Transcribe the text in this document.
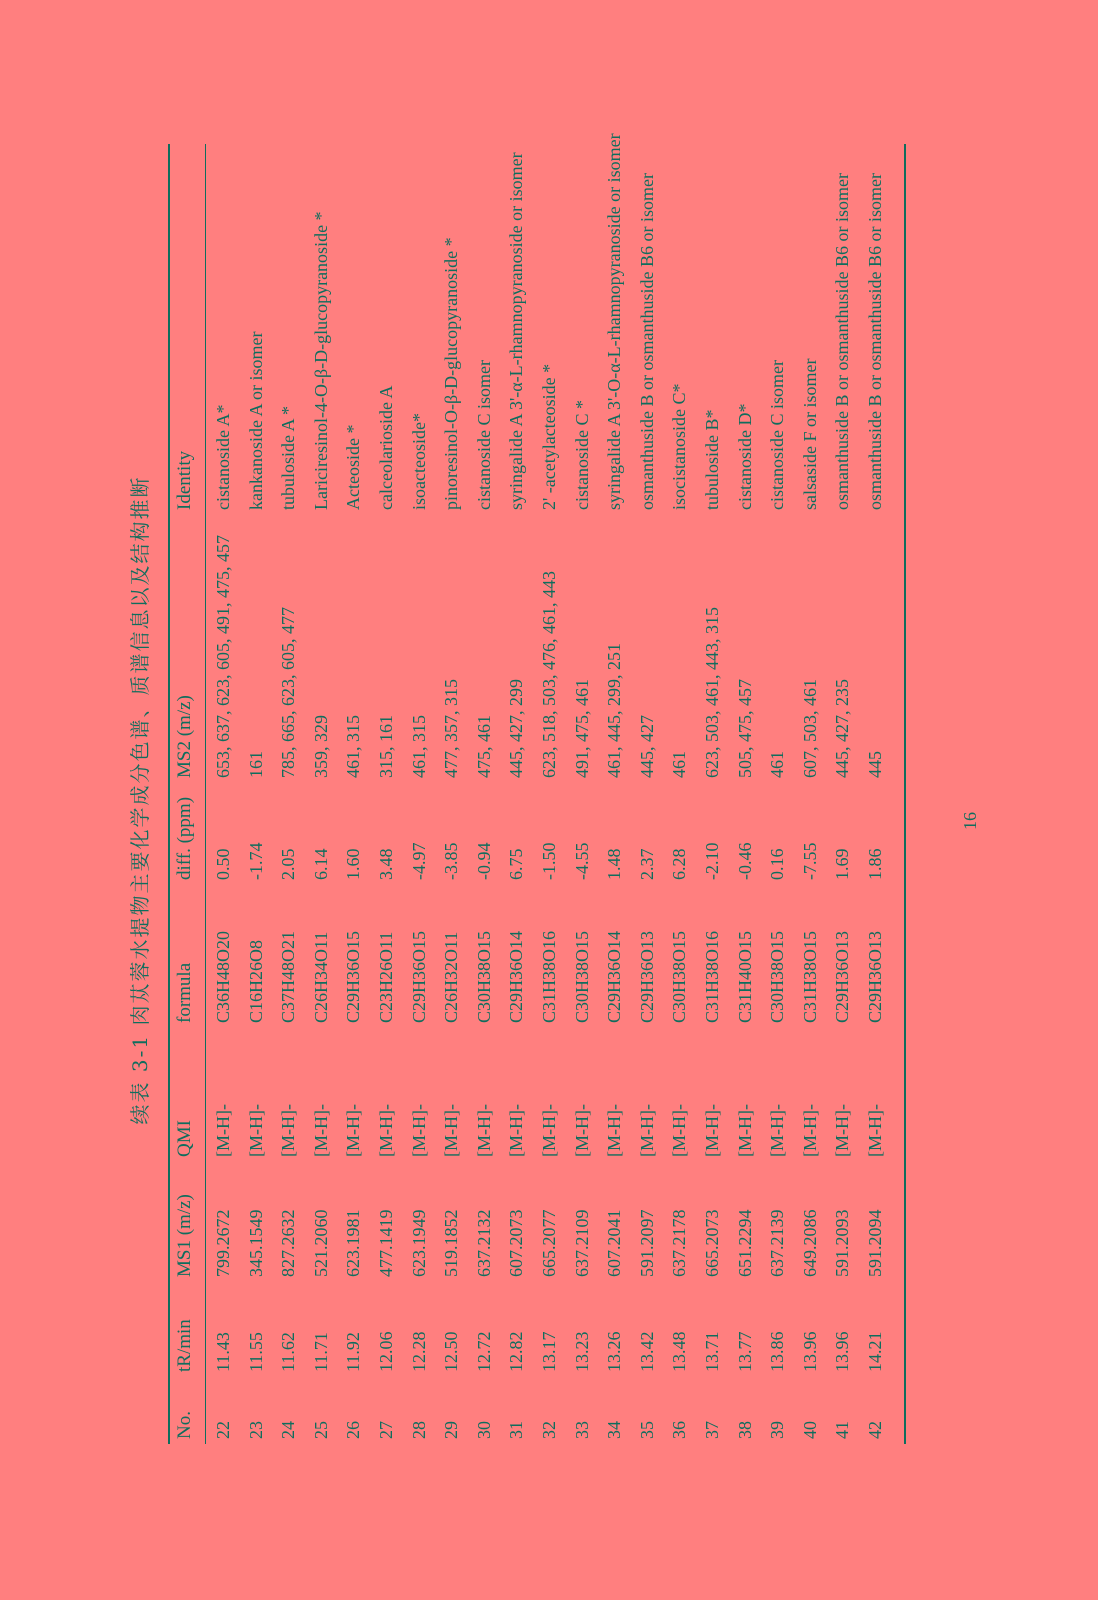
续表 3-1 肉苁蓉水提物主要化学成分色谱、质谱信息以及结构推断
No.
tR/min
MS1 (m/z)
QMI
formula
diff. (ppm)
MS2 (m/z)
Identity
22
11.43
799.2672
[M-H]-
C36H48O20
0.50
653, 637, 623, 605, 491, 475, 457
cistanoside A*
23
11.55
345.1549
[M-H]-
C16H26O8
-1.74
161
kankanoside A or isomer
24
11.62
827.2632
[M-H]-
C37H48O21
2.05
785, 665, 623, 605, 477
tubuloside A *
25
11.71
521.2060
[M-H]-
C26H34O11
6.14
359, 329
Lariciresinol-4-O-β-D-glucopyranoside *
26
11.92
623.1981
[M-H]-
C29H36O15
1.60
461, 315
Acteoside *
27
12.06
477.1419
[M-H]-
C23H26O11
3.48
315, 161
calceolarioside A
28
12.28
623.1949
[M-H]-
C29H36O15
-4.97
461, 315
isoacteoside*
29
12.50
519.1852
[M-H]-
C26H32O11
-3.85
477, 357, 315
pinoresinol-O-β-D-glucopyranoside *
30
12.72
637.2132
[M-H]-
C30H38O15
-0.94
475, 461
cistanoside C isomer
31
12.82
607.2073
[M-H]-
C29H36O14
6.75
445, 427, 299
syringalide A 3'-α-L-rhamnopyranoside or isomer
32
13.17
665.2077
[M-H]-
C31H38O16
-1.50
623, 518, 503, 476, 461, 443
2' -acetylacteoside *
33
13.23
637.2109
[M-H]-
C30H38O15
-4.55
491, 475, 461
cistanoside C *
34
13.26
607.2041
[M-H]-
C29H36O14
1.48
461, 445, 299, 251
syringalide A 3'-O-α-L-rhamnopyranoside or isomer
35
13.42
591.2097
[M-H]-
C29H36O13
2.37
445, 427
osmanthuside B or osmanthuside B6 or isomer
36
13.48
637.2178
[M-H]-
C30H38O15
6.28
461
isocistanoside C*
37
13.71
665.2073
[M-H]-
C31H38O16
-2.10
623, 503, 461, 443, 315
tubuloside B*
38
13.77
651.2294
[M-H]-
C31H40O15
-0.46
505, 475, 457
cistanoside D*
39
13.86
637.2139
[M-H]-
C30H38O15
0.16
461
cistanoside C isomer
40
13.96
649.2086
[M-H]-
C31H38O15
-7.55
607, 503, 461
salsaside F or isomer
41
13.96
591.2093
[M-H]-
C29H36O13
1.69
445, 427, 235
osmanthuside B or osmanthuside B6 or isomer
42
14.21
591.2094
[M-H]-
C29H36O13
1.86
445
osmanthuside B or osmanthuside B6 or isomer
16
